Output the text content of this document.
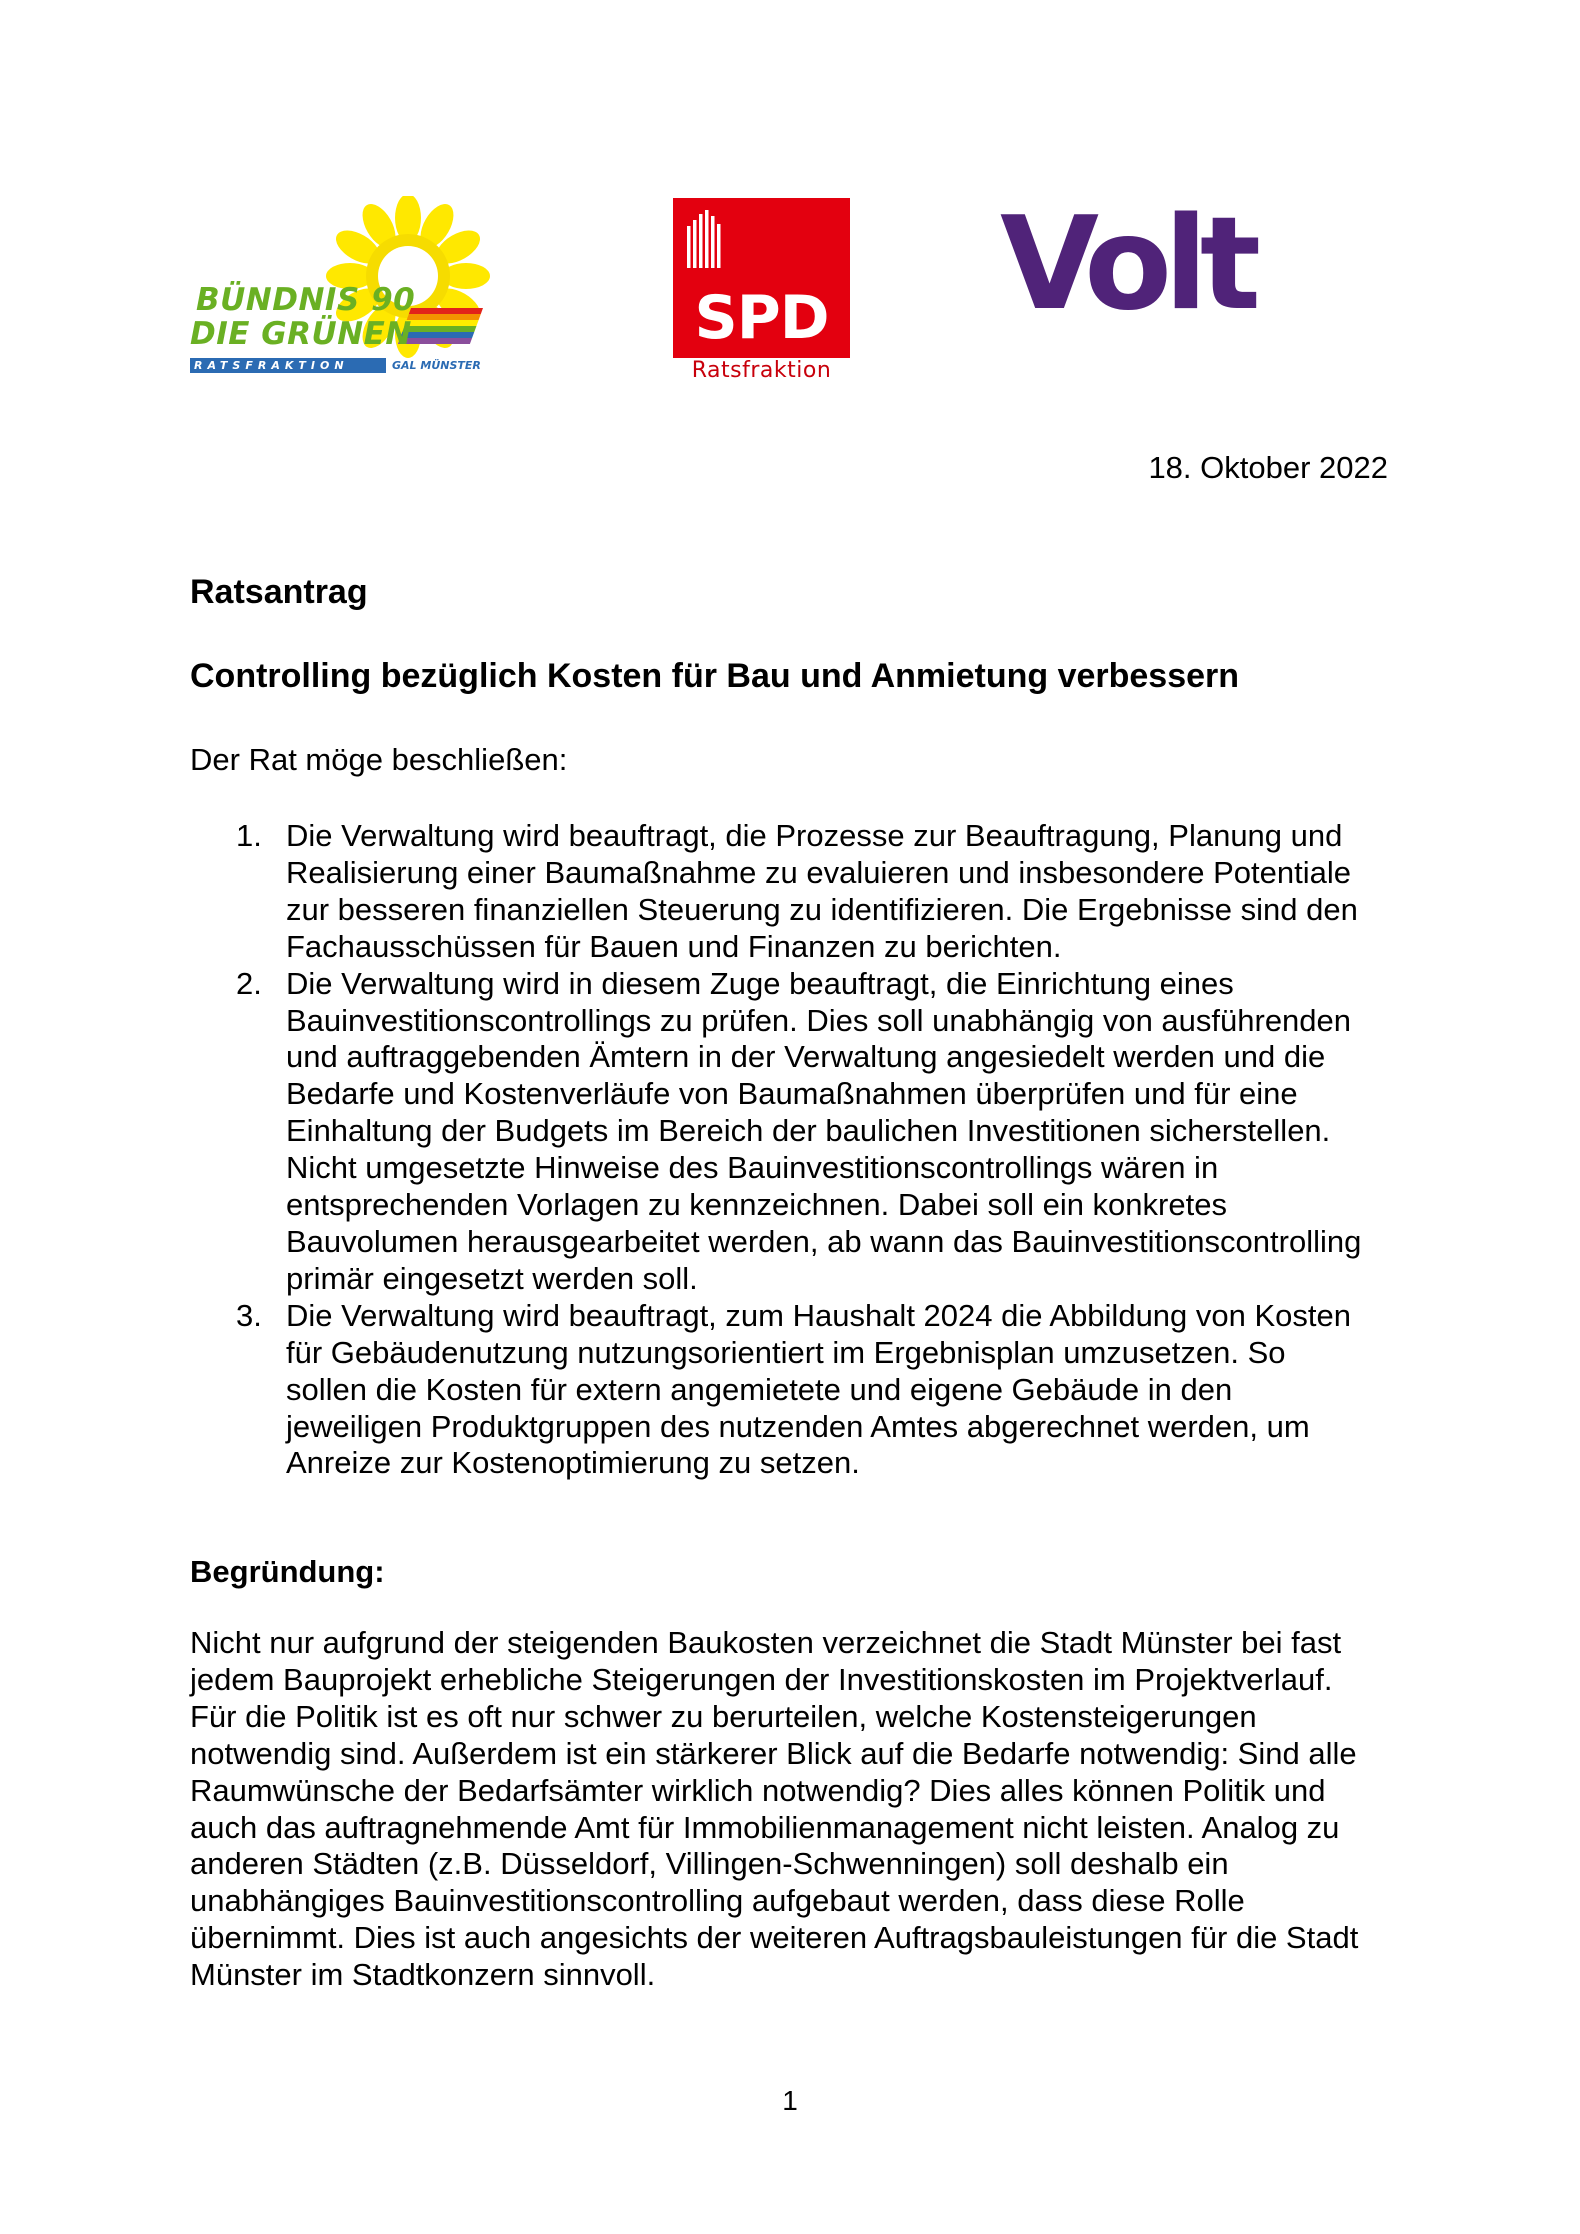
BÜNDNIS 90
DIE GRÜNEN
RATSFRAKTION	GAL MÜNSTER
SPD
Ratsfraktion
Volt
18. Oktober 2022
Ratsantrag
Controlling bezüglich Kosten für Bau und Anmietung verbessern
Der Rat möge beschließen:
1. Die Verwaltung wird beauftragt, die Prozesse zur Beauftragung, Planung und
Realisierung einer Baumaßnahme zu evaluieren und insbesondere Potentiale
zur besseren finanziellen Steuerung zu identifizieren. Die Ergebnisse sind den
Fachausschüssen für Bauen und Finanzen zu berichten.
2. Die Verwaltung wird in diesem Zuge beauftragt, die Einrichtung eines
Bauinvestitionscontrollings zu prüfen. Dies soll unabhängig von ausführenden
und auftraggebenden Ämtern in der Verwaltung angesiedelt werden und die
Bedarfe und Kostenverläufe von Baumaßnahmen überprüfen und für eine
Einhaltung der Budgets im Bereich der baulichen Investitionen sicherstellen.
Nicht umgesetzte Hinweise des Bauinvestitionscontrollings wären in
entsprechenden Vorlagen zu kennzeichnen. Dabei soll ein konkretes
Bauvolumen herausgearbeitet werden, ab wann das Bauinvestitionscontrolling
primär eingesetzt werden soll.
3. Die Verwaltung wird beauftragt, zum Haushalt 2024 die Abbildung von Kosten
für Gebäudenutzung nutzungsorientiert im Ergebnisplan umzusetzen. So
sollen die Kosten für extern angemietete und eigene Gebäude in den
jeweiligen Produktgruppen des nutzenden Amtes abgerechnet werden, um
Anreize zur Kostenoptimierung zu setzen.
Begründung:
Nicht nur aufgrund der steigenden Baukosten verzeichnet die Stadt Münster bei fast
jedem Bauprojekt erhebliche Steigerungen der Investitionskosten im Projektverlauf.
Für die Politik ist es oft nur schwer zu berurteilen, welche Kostensteigerungen
notwendig sind. Außerdem ist ein stärkerer Blick auf die Bedarfe notwendig: Sind alle
Raumwünsche der Bedarfsämter wirklich notwendig? Dies alles können Politik und
auch das auftragnehmende Amt für Immobilienmanagement nicht leisten. Analog zu
anderen Städten (z.B. Düsseldorf, Villingen-Schwenningen) soll deshalb ein
unabhängiges Bauinvestitionscontrolling aufgebaut werden, dass diese Rolle
übernimmt. Dies ist auch angesichts der weiteren Auftragsbauleistungen für die Stadt
Münster im Stadtkonzern sinnvoll.
1
